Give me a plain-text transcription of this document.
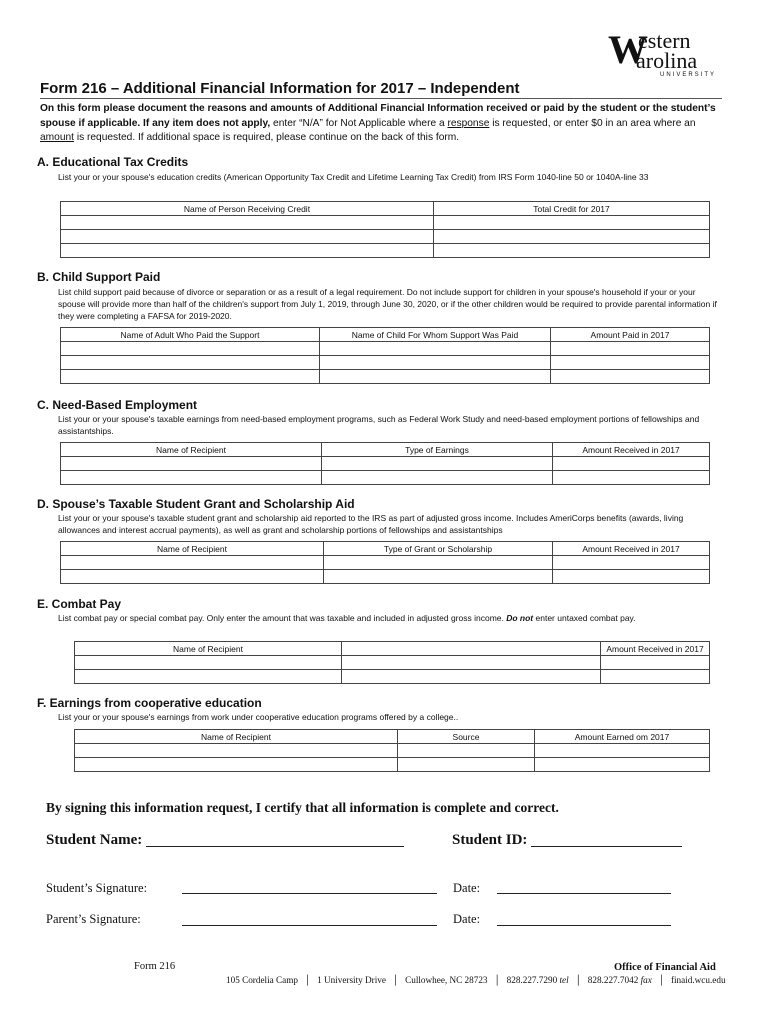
W
estern
arolina
UNIVERSITY
Form 216 – Additional Financial Information for 2017 – Independent
On this form please document the reasons and amounts of Additional Financial Information received or paid by the student or the student’s spouse if applicable. If any item does not apply, enter “N/A” for Not Applicable where a response is requested, or enter $0 in an area where an amount is requested. If additional space is required, please continue on the back of this form.
A. Educational Tax Credits
List your or your spouse's education credits (American Opportunity Tax Credit and Lifetime Learning Tax Credit) from IRS Form 1040-line 50 or 1040A-line 33
Name of Person Receiving Credit	Total Credit for 2017

B. Child Support Paid
List child support paid because of divorce or separation or as a result of a legal requirement. Do not include support for children in your spouse's household if your or your spouse will provide more than half of the children's support from July 1, 2019, through June 30, 2020, or if the other children would be required to provide parental information if they were completing a FAFSA for 2019-2020.
Name of Adult Who Paid the Support	Name of Child For Whom Support Was Paid	Amount Paid in 2017

C. Need-Based Employment
List your or your spouse's taxable earnings from need-based employment programs, such as Federal Work Study and need-based employment portions of fellowships and assistantships.
Name of Recipient	Type of Earnings	Amount Received in 2017

D. Spouse’s Taxable Student Grant and Scholarship Aid
List your or your spouse's taxable student grant and scholarship aid reported to the IRS as part of adjusted gross income. Includes AmeriCorps benefits (awards, living allowances and interest accrual payments), as well as grant and scholarship portions of fellowships and assistantships
Name of Recipient	Type of Grant or Scholarship	Amount Received in 2017

E. Combat Pay
List combat pay or special combat pay. Only enter the amount that was taxable and included in adjusted gross income. Do not enter untaxed combat pay.
Name of Recipient		Amount Received in 2017

F. Earnings from cooperative education
List your or your spouse's earnings from work under cooperative education programs offered by a college..
Name of Recipient	Source	Amount Earned om 2017

By signing this information request, I certify that all information is complete and correct.
Student Name:	Student ID:
Student’s Signature:	Date:
Parent’s Signature:	Date:
Form 216	Office of Financial Aid
105 Cordelia Camp │ 1 University Drive │ Cullowhee, NC 28723 │ 828.227.7290 tel │ 828.227.7042 fax │ finaid.wcu.edu
